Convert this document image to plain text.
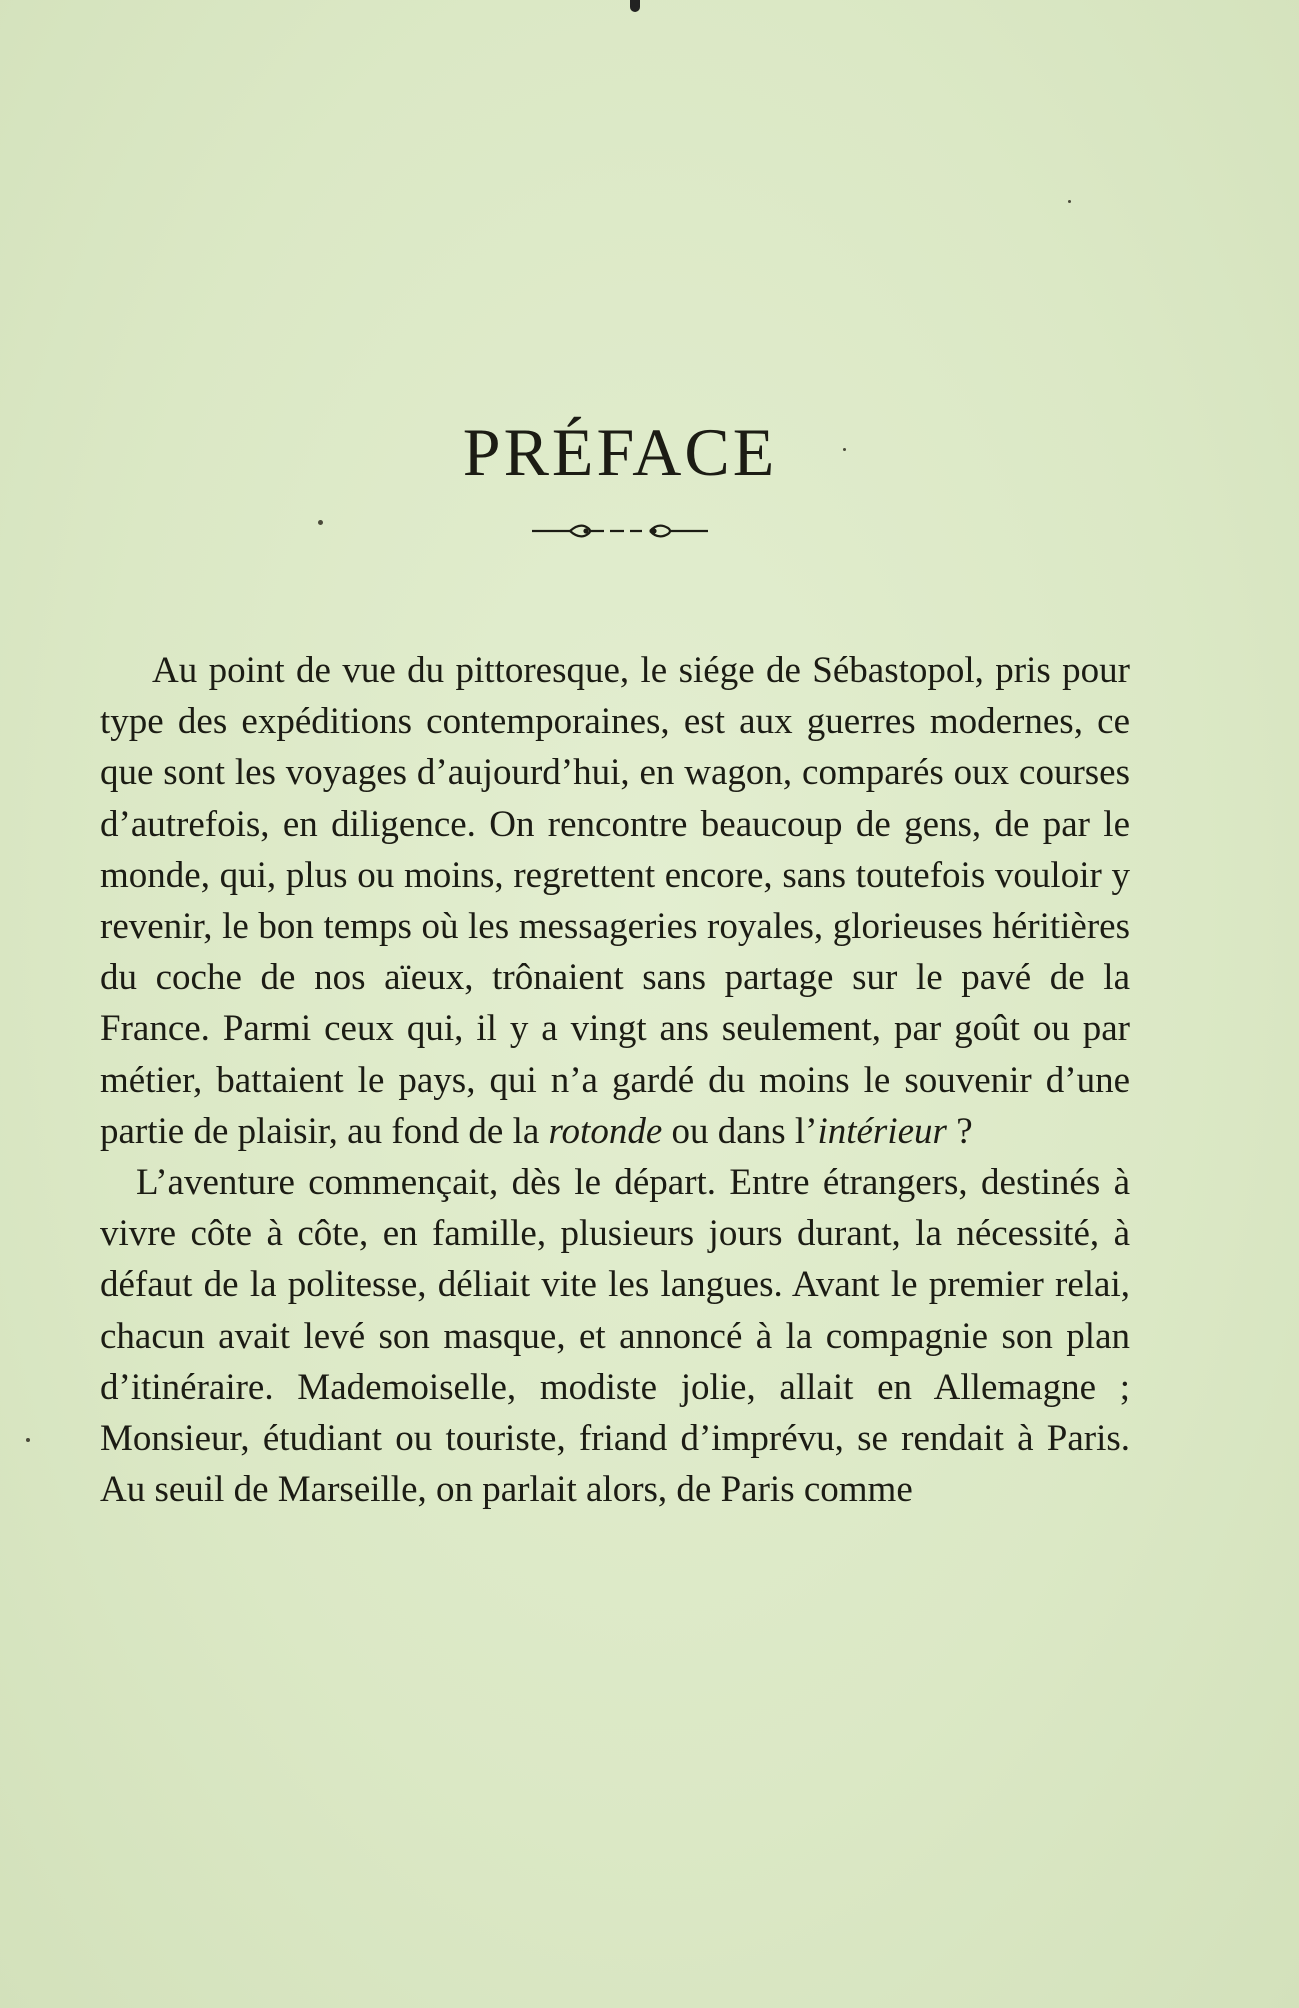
PRÉFACE

Au point de vue du pittoresque, le siége de Sébastopol, pris pour type des expéditions contemporaines, est aux guerres modernes, ce que sont les voyages d’aujourd’hui, en wagon, comparés oux courses d’autrefois, en diligence. On rencontre beaucoup de gens, de par le monde, qui, plus ou moins, regrettent encore, sans toutefois vouloir y revenir, le bon temps où les messageries royales, glorieuses héritières du coche de nos aïeux, trônaient sans partage sur le pavé de la France. Parmi ceux qui, il y a vingt ans seulement, par goût ou par métier, battaient le pays, qui n’a gardé du moins le souvenir d’une partie de plaisir, au fond de la rotonde ou dans l’intérieur ?

L’aventure commençait, dès le départ. Entre étrangers, destinés à vivre côte à côte, en famille, plusieurs jours durant, la nécessité, à défaut de la politesse, déliait vite les langues. Avant le premier relai, chacun avait levé son masque, et annoncé à la compagnie son plan d’itinéraire. Mademoiselle, modiste jolie, allait en Allemagne ; Monsieur, étudiant ou touriste, friand d’imprévu, se rendait à Paris. Au seuil de Marseille, on parlait alors, de Paris comme
